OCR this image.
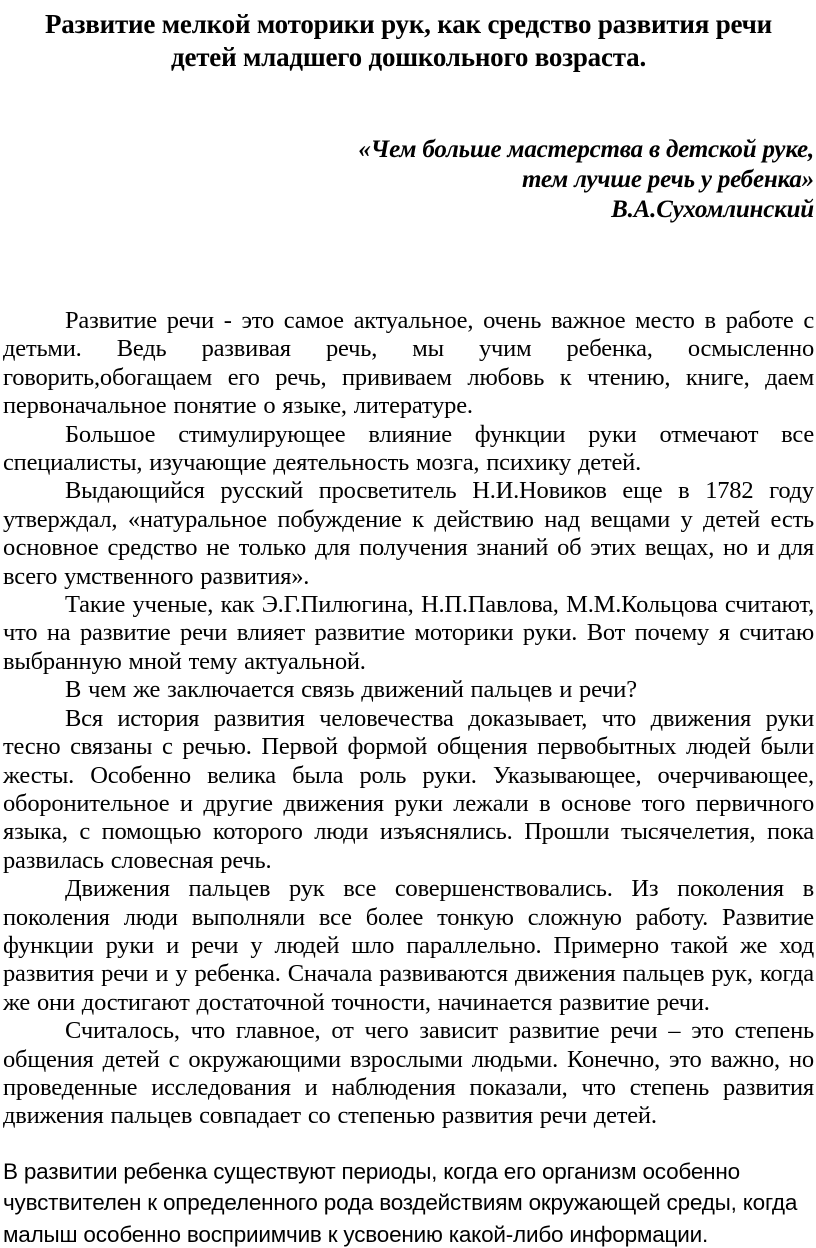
Развитие мелкой моторики рук, как средство развития речи
детей младшего дошкольного возраста.
«Чем больше мастерства в детской руке,
тем лучше речь у ребенка»
В.А.Сухомлинский

Развитие речи - это самое актуальное, очень важное место в работе с детьми. Ведь развивая речь, мы учим ребенка, осмысленно говорить,обогащаем его речь, прививаем любовь к чтению, книге, даем первоначальное понятие о языке, литературе.

Большое стимулирующее влияние функции руки отмечают все специалисты, изучающие деятельность мозга, психику детей.

Выдающийся русский просветитель Н.И.Новиков еще в 1782 году утверждал, «натуральное побуждение к действию над вещами у детей есть основное средство не только для получения знаний об этих вещах, но и для всего умственного развития».

Такие ученые, как Э.Г.Пилюгина, Н.П.Павлова, М.М.Кольцова считают, что на развитие речи влияет развитие моторики руки. Вот почему я считаю выбранную мной тему актуальной.

В чем же заключается связь движений пальцев и речи?

Вся история развития человечества доказывает, что движения руки тесно связаны с речью. Первой формой общения первобытных людей были жесты. Особенно велика была роль руки. Указывающее, очерчивающее, оборонительное и другие движения руки лежали в основе того первичного языка, с помощью которого люди изъяснялись. Прошли тысячелетия, пока развилась словесная речь.

Движения пальцев рук все совершенствовались. Из поколения в поколения люди выполняли все более тонкую сложную работу. Развитие функции руки и речи у людей шло параллельно. Примерно такой же ход развития речи и у ребенка. Сначала развиваются движения пальцев рук, когда же они достигают достаточной точности, начинается развитие речи.

Считалось, что главное, от чего зависит развитие речи – это степень общения детей с окружающими взрослыми людьми. Конечно, это важно, но проведенные исследования и наблюдения показали, что степень развития движения пальцев совпадает со степенью развития речи детей.

В развитии ребенка существуют периоды, когда его организм особенно чувствителен к определенного рода воздействиям окружающей среды, когда малыш особенно восприимчив к усвоению какой-либо информации.
